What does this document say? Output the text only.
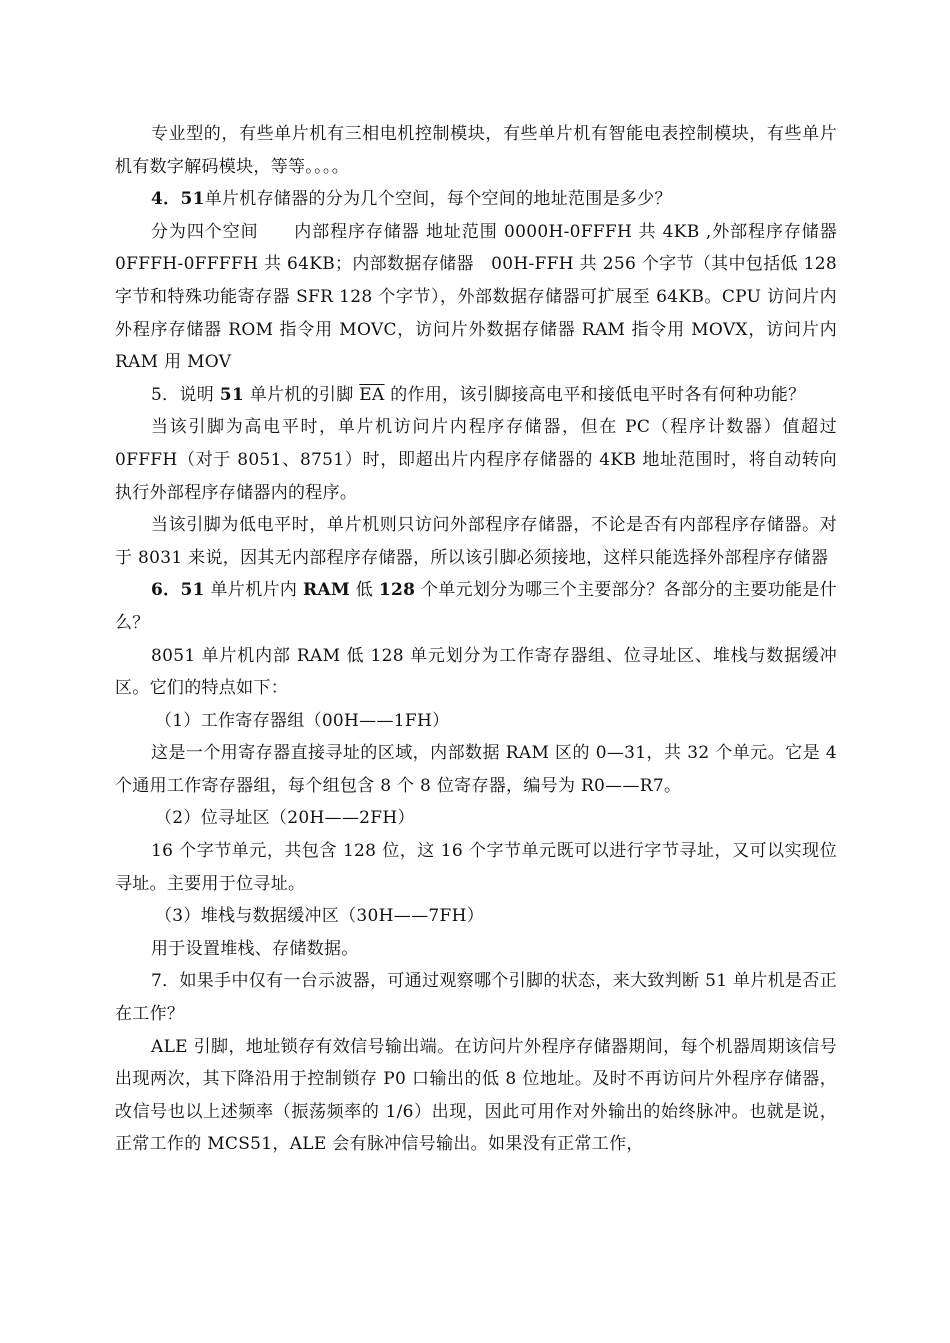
专业型的，有些单片机有三相电机控制模块，有些单片机有智能电表控制模块，有些单片机有数字解码模块，等等。。。。

4．51单片机存储器的分为几个空间，每个空间的地址范围是多少？

分为四个空间　　内部程序存储器 地址范围 0000H-0FFFH 共 4KB ,外部程序存储器 0FFFH-0FFFFH 共 64KB；内部数据存储器　00H-FFH 共 256 个字节（其中包括低 128 字节和特殊功能寄存器 SFR 128 个字节），外部数据存储器可扩展至 64KB。CPU 访问片内外程序存储器 ROM 指令用 MOVC，访问片外数据存储器 RAM 指令用 MOVX，访问片内 RAM 用 MOV

5．说明 51 单片机的引脚 $\overline{EA}$ 的作用，该引脚接高电平和接低电平时各有何种功能？

当该引脚为高电平时，单片机访问片内程序存储器，但在 PC（程序计数器）值超过 0FFFH（对于 8051、8751）时，即超出片内程序存储器的 4KB 地址范围时，将自动转向执行外部程序存储器内的程序。

当该引脚为低电平时，单片机则只访问外部程序存储器，不论是否有内部程序存储器。对于 8031 来说，因其无内部程序存储器，所以该引脚必须接地，这样只能选择外部程序存储器

6．51 单片机片内 RAM 低 128 个单元划分为哪三个主要部分？各部分的主要功能是什么？

8051 单片机内部 RAM 低 128 单元划分为工作寄存器组、位寻址区、堆栈与数据缓冲区。它们的特点如下：

（1）工作寄存器组（00H——1FH）

这是一个用寄存器直接寻址的区域，内部数据 RAM 区的 0—31，共 32 个单元。它是 4 个通用工作寄存器组，每个组包含 8 个 8 位寄存器，编号为 R0——R7。

（2）位寻址区（20H——2FH）

16 个字节单元，共包含 128 位，这 16 个字节单元既可以进行字节寻址，又可以实现位寻址。主要用于位寻址。

（3）堆栈与数据缓冲区（30H——7FH）

用于设置堆栈、存储数据。

7．如果手中仅有一台示波器，可通过观察哪个引脚的状态，来大致判断 51 单片机是否正在工作？

ALE 引脚，地址锁存有效信号输出端。在访问片外程序存储器期间，每个机器周期该信号出现两次，其下降沿用于控制锁存 P0 口输出的低 8 位地址。及时不再访问片外程序存储器，改信号也以上述频率（振荡频率的 1/6）出现，因此可用作对外输出的始终脉冲。也就是说，正常工作的 MCS51，ALE 会有脉冲信号输出。如果没有正常工作，
